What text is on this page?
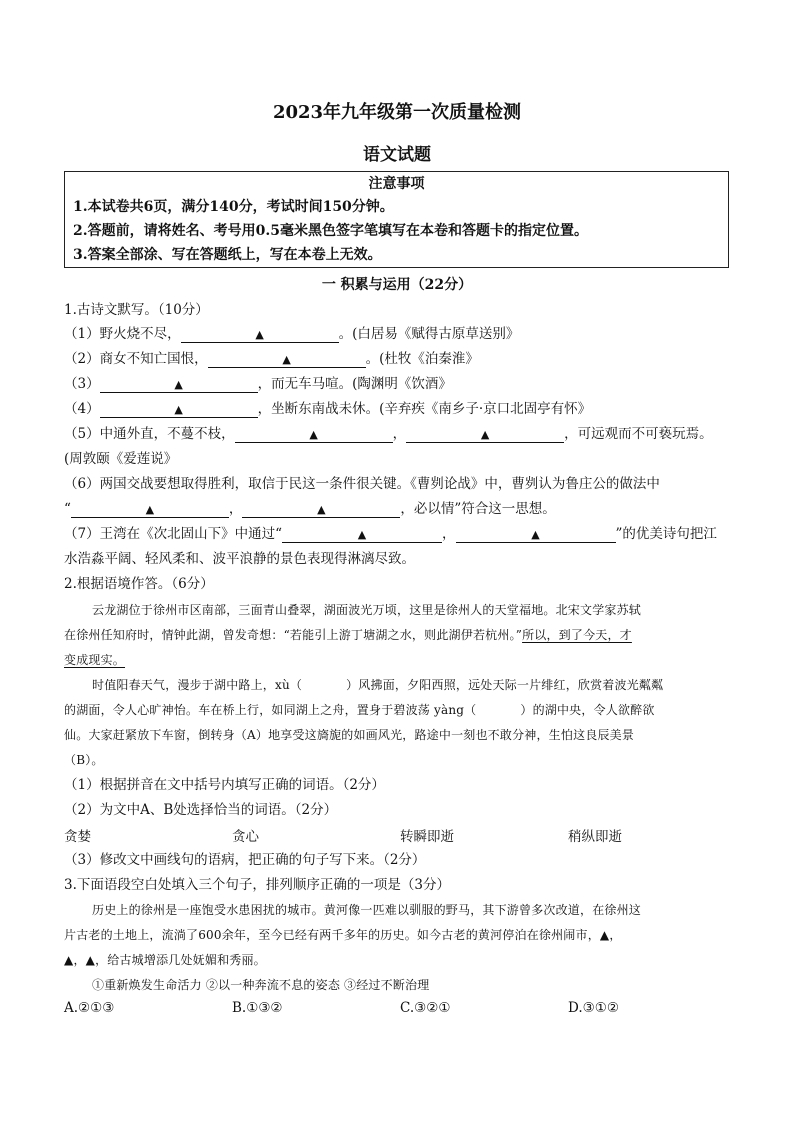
2023年九年级第一次质量检测
语文试题
注意事项
1.本试卷共6页，满分140分，考试时间150分钟。
2.答题前，请将姓名、考号用0.5毫米黑色签字笔填写在本卷和答题卡的指定位置。
3.答案全部涂、写在答题纸上，写在本卷上无效。
一 积累与运用（22分）
1.古诗文默写。（10分）
（1）野火烧不尽，	▲	。(白居易《赋得古原草送别》
（2）商女不知亡国恨，	▲	。(杜牧《泊秦淮》
（3）	▲	，而无车马喧。(陶渊明《饮酒》
（4）	▲	，坐断东南战未休。(辛弃疾《南乡子·京口北固亭有怀》
（5）中通外直，不蔓不枝，	▲	，	▲	，可远观而不可亵玩焉。
(周敦颐《爱莲说》
（6）两国交战要想取得胜利，取信于民这一条件很关键。《曹刿论战》中，曹刿认为鲁庄公的做法中
“	▲	，	▲	，必以情”符合这一思想。
（7）王湾在《次北固山下》中通过“	▲	，	▲	”的优美诗句把江
水浩淼平阔、轻风柔和、波平浪静的景色表现得淋漓尽致。
2.根据语境作答。（6分）
云龙湖位于徐州市区南部，三面青山叠翠，湖面波光万顷，这里是徐州人的天堂福地。北宋文学家苏轼
在徐州任知府时，情钟此湖，曾发奇想：“若能引上游丁塘湖之水，则此湖伊若杭州。”所以，到了今天，才
变成现实。
时值阳春天气，漫步于湖中路上，xù（	）风拂面，夕阳西照，远处天际一片绯红，欣赏着波光粼粼
的湖面，令人心旷神怡。车在桥上行，如同湖上之舟，置身于碧波荡 yàng（	）的湖中央，令人欲醉欲
仙。大家赶紧放下车窗，倒转身（A）地享受这旖旎的如画风光，路途中一刻也不敢分神，生怕这良辰美景
（B）。
（1）根据拼音在文中括号内填写正确的词语。（2分）
（2）为文中A、B处选择恰当的词语。（2分）
贪婪	贪心	转瞬即逝	稍纵即逝
（3）修改文中画线句的语病，把正确的句子写下来。（2分）
3.下面语段空白处填入三个句子，排列顺序正确的一项是（3分）
历史上的徐州是一座饱受水患困扰的城市。黄河像一匹难以驯服的野马，其下游曾多次改道，在徐州这
片古老的土地上，流淌了600余年，至今已经有两千多年的历史。如今古老的黄河停泊在徐州闹市，▲，
▲，▲，给古城增添几处妩媚和秀丽。
①重新焕发生命活力 ②以一种奔流不息的姿态 ③经过不断治理
A.②①③	B.①③②	C.③②①	D.③①②
